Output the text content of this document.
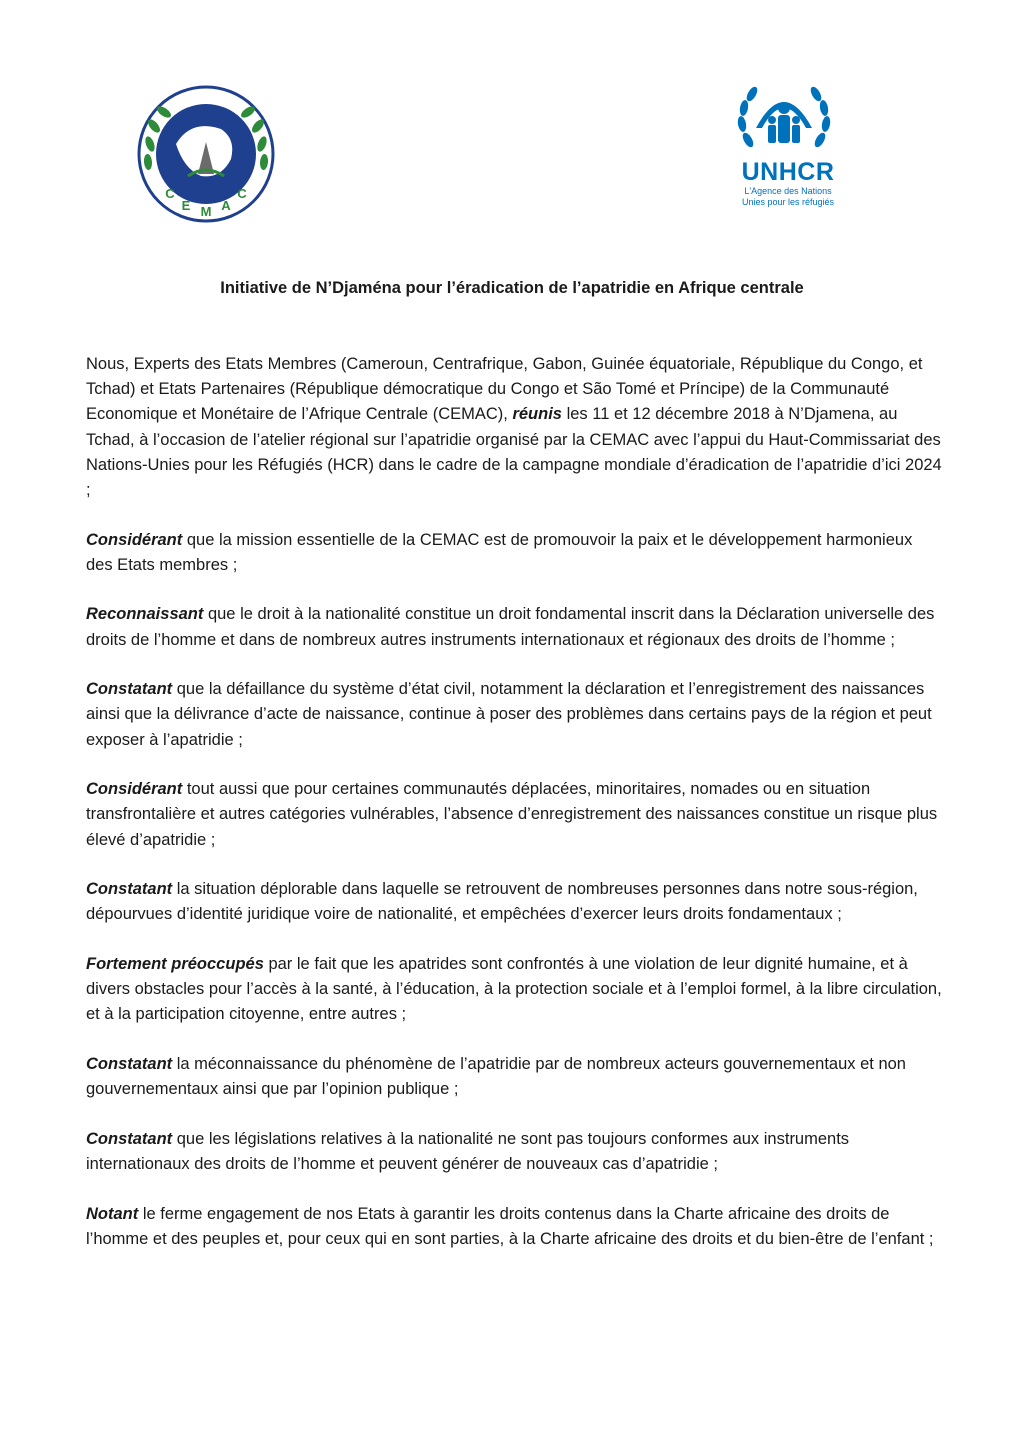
C
E M A
C
UNHCR
L'Agence des Nations
Unies pour les réfugiés
Initiative de N’Djaména pour l’éradication de l’apatridie en Afrique centrale

Nous, Experts des Etats Membres (Cameroun, Centrafrique, Gabon, Guinée équatoriale, République du Congo, et Tchad) et Etats Partenaires (République démocratique du Congo et São Tomé et Príncipe) de la Communauté Economique et Monétaire de l’Afrique Centrale (CEMAC), réunis les 11 et 12 décembre 2018 à N’Djamena, au Tchad, à l’occasion de l’atelier régional sur l’apatridie organisé par la CEMAC avec l’appui du Haut-Commissariat des Nations-Unies pour les Réfugiés (HCR) dans le cadre de la campagne mondiale d’éradication de l’apatridie d’ici 2024 ;

Considérant que la mission essentielle de la CEMAC est de promouvoir la paix et le développement harmonieux des Etats membres ;

Reconnaissant que le droit à la nationalité constitue un droit fondamental inscrit dans la Déclaration universelle des droits de l’homme et dans de nombreux autres instruments internationaux et régionaux des droits de l’homme ;

Constatant que la défaillance du système d’état civil, notamment la déclaration et l’enregistrement des naissances ainsi que la délivrance d’acte de naissance, continue à poser des problèmes dans certains pays de la région et peut exposer à l’apatridie ;

Considérant tout aussi que pour certaines communautés déplacées, minoritaires, nomades ou en situation transfrontalière et autres catégories vulnérables, l’absence d’enregistrement des naissances constitue un risque plus élevé d’apatridie ;

Constatant la situation déplorable dans laquelle se retrouvent de nombreuses personnes dans notre sous-région, dépourvues d’identité juridique voire de nationalité, et empêchées d’exercer leurs droits fondamentaux ;

Fortement préoccupés par le fait que les apatrides sont confrontés à une violation de leur dignité humaine, et à divers obstacles pour l’accès à la santé, à l’éducation, à la protection sociale et à l’emploi formel, à la libre circulation, et à la participation citoyenne, entre autres ;

Constatant la méconnaissance du phénomène de l’apatridie par de nombreux acteurs gouvernementaux et non gouvernementaux ainsi que par l’opinion publique ;

Constatant que les législations relatives à la nationalité ne sont pas toujours conformes aux instruments internationaux des droits de l’homme et peuvent générer de nouveaux cas d’apatridie ;

Notant le ferme engagement de nos Etats à garantir les droits contenus dans la Charte africaine des droits de l’homme et des peuples et, pour ceux qui en sont parties, à la Charte africaine des droits et du bien-être de l’enfant ;
